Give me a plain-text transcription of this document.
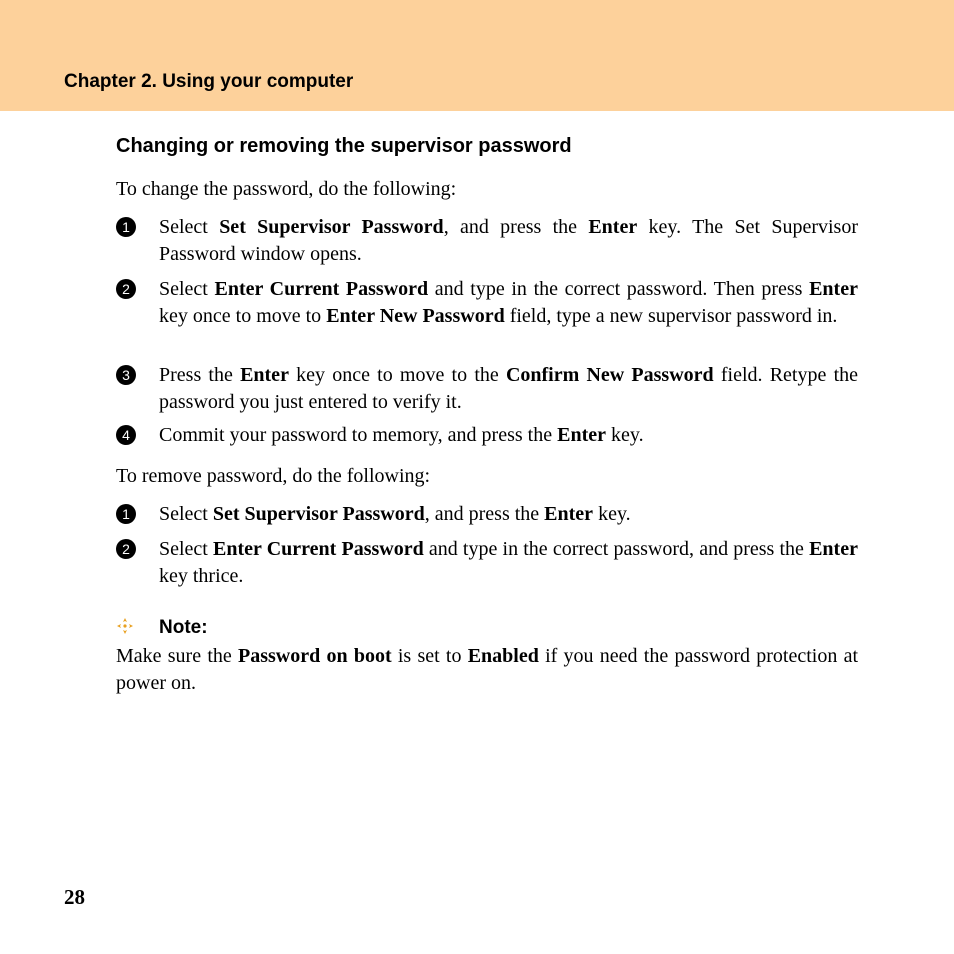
Chapter 2. Using your computer
Changing or removing the supervisor password
To change the password, do the following:
1	Select Set Supervisor Password, and press the Enter key. The Set Supervisor Password window opens.
2	Select Enter Current Password and type in the correct password. Then press Enter key once to move to Enter New Password field, type a new supervisor password in.
3	Press the Enter key once to move to the Confirm New Password field. Retype the password you just entered to verify it.
4	Commit your password to memory, and press the Enter key.
To remove password, do the following:
1	Select Set Supervisor Password, and press the Enter key.
2	Select Enter Current Password and type in the correct password, and press the Enter key thrice.
Note:
Make sure the Password on boot is set to Enabled if you need the password protection at power on.
28
